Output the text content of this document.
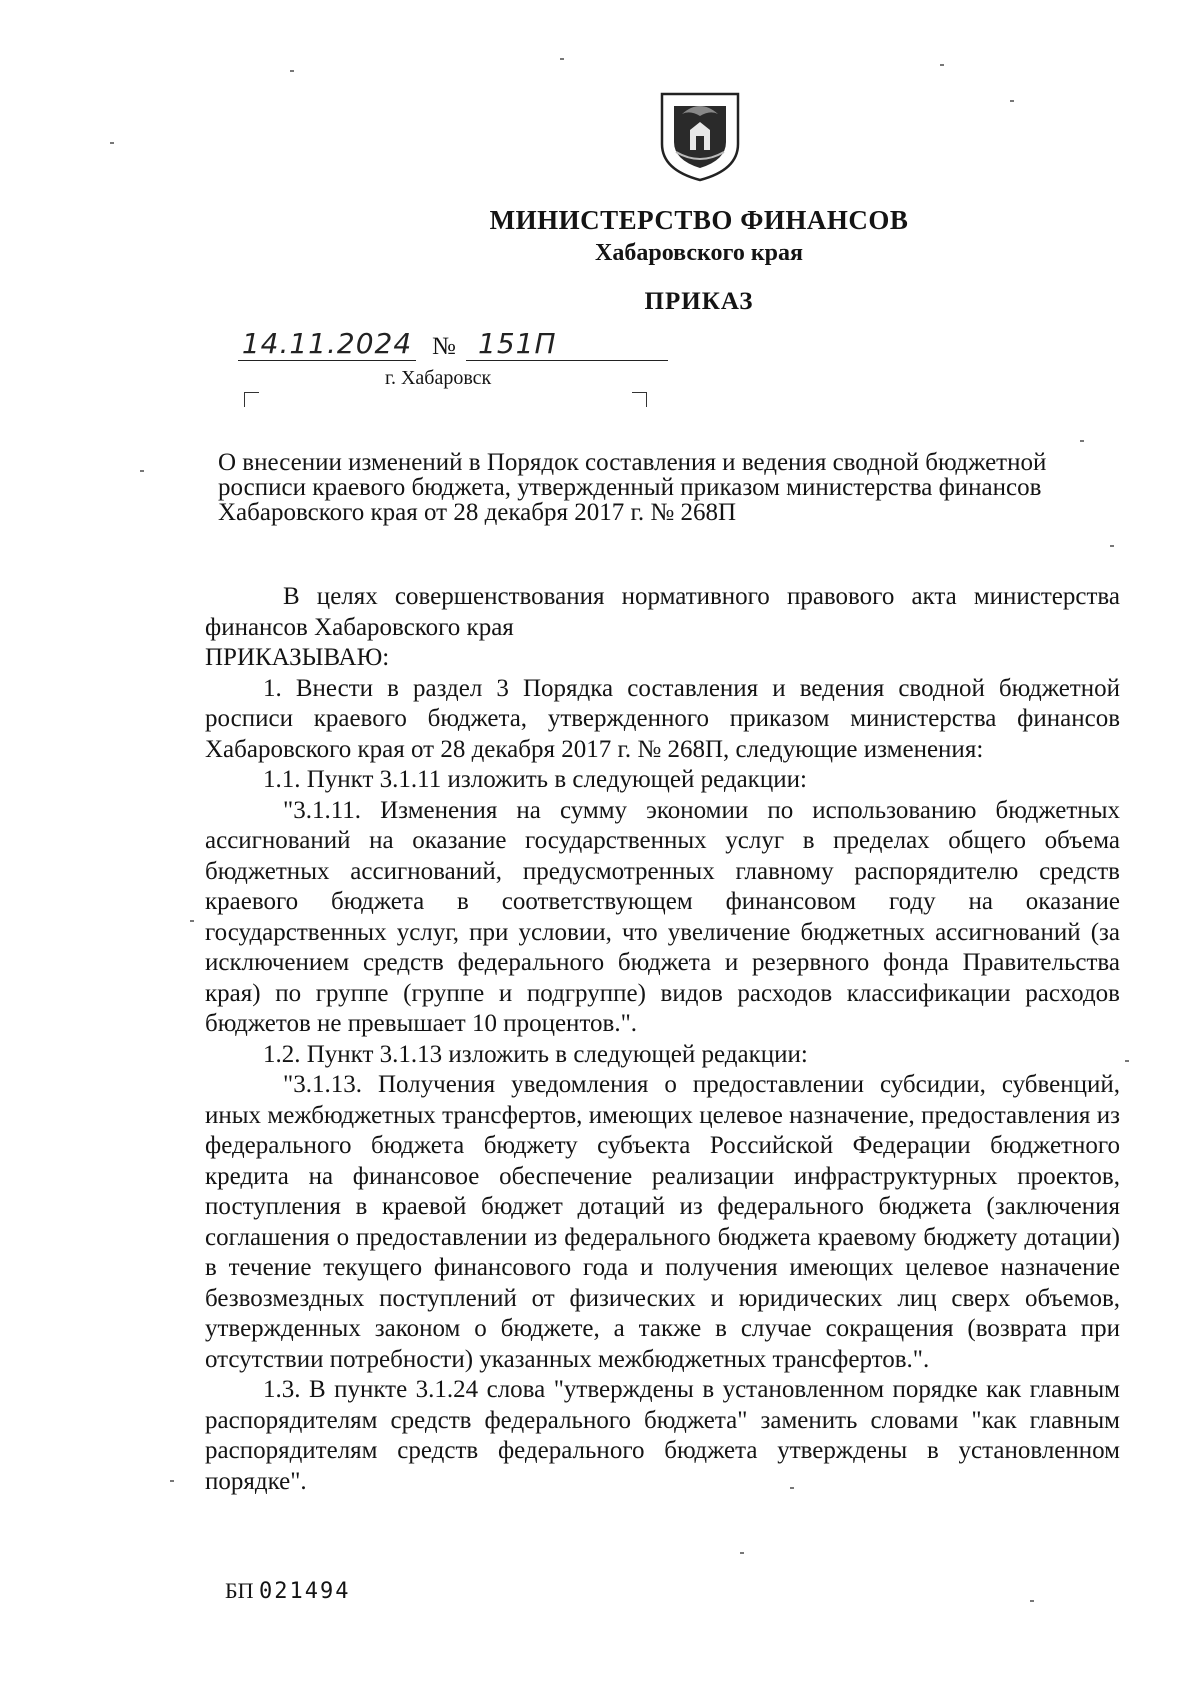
МИНИСТЕРСТВО ФИНАНСОВ
Хабаровского края
ПРИКАЗ
14.11.2024 № 151П
г. Хабаровск
О внесении изменений в Порядок составления и ведения сводной бюджетной
росписи краевого бюджета, утвержденный приказом министерства финансов
Хабаровского края от 28 декабря 2017 г. № 268П

В целях совершенствования нормативного правового акта министерства финансов Хабаровского края

ПРИКАЗЫВАЮ:

1. Внести в раздел 3 Порядка составления и ведения сводной бюджетной росписи краевого бюджета, утвержденного приказом министерства финансов Хабаровского края от 28 декабря 2017 г. № 268П, следующие изменения:

1.1. Пункт 3.1.11 изложить в следующей редакции:

"3.1.11. Изменения на сумму экономии по использованию бюджетных ассигнований на оказание государственных услуг в пределах общего объема бюджетных ассигнований, предусмотренных главному распорядителю средств краевого бюджета в соответствующем финансовом году на оказание государственных услуг, при условии, что увеличение бюджетных ассигнований (за исключением средств федерального бюджета и резервного фонда Правительства края) по группе (группе и подгруппе) видов расходов классификации расходов бюджетов не превышает 10 процентов.".

1.2. Пункт 3.1.13 изложить в следующей редакции:

"3.1.13. Получения уведомления о предоставлении субсидии, субвенций, иных межбюджетных трансфертов, имеющих целевое назначение, предоставления из федерального бюджета бюджету субъекта Российской Федерации бюджетного кредита на финансовое обеспечение реализации инфраструктурных проектов, поступления в краевой бюджет дотаций из федерального бюджета (заключения соглашения о предоставлении из федерального бюджета краевому бюджету дотации) в течение текущего финансового года и получения имеющих целевое назначение безвозмездных поступлений от физических и юридических лиц сверх объемов, утвержденных законом о бюджете, а также в случае сокращения (возврата при отсутствии потребности) указанных межбюджетных трансфертов.".

1.3. В пункте 3.1.24 слова "утверждены в установленном порядке как главным распорядителям средств федерального бюджета" заменить словами "как главным распорядителям средств федерального бюджета утверждены в установленном порядке".

БП 021494
